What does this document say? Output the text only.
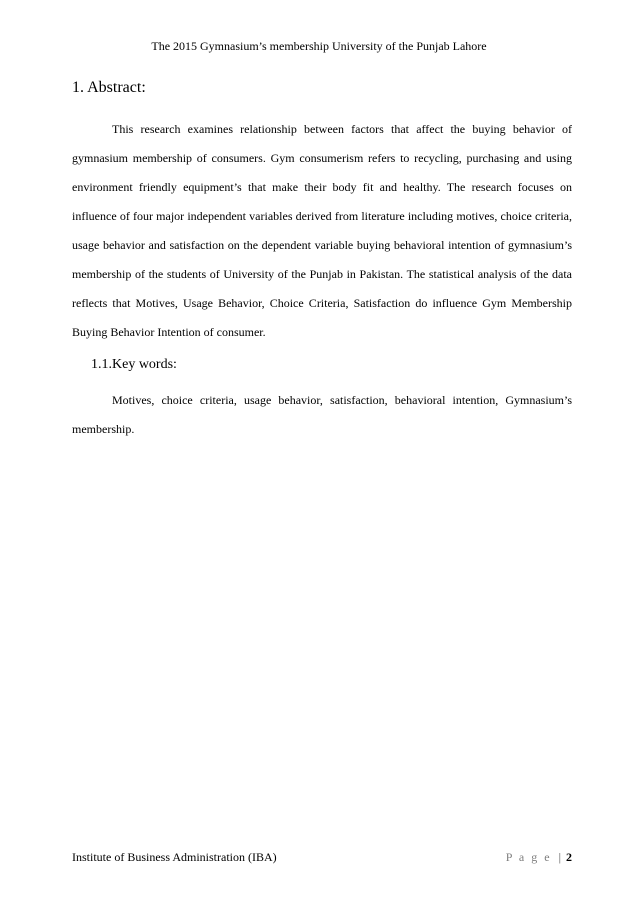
The 2015 Gymnasium’s membership University of the Punjab Lahore
1. Abstract:

This research examines relationship between factors that affect the buying behavior of gymnasium membership of consumers. Gym consumerism refers to recycling, purchasing and using environment friendly equipment’s that make their body fit and healthy. The research focuses on influence of four major independent variables derived from literature including motives, choice criteria, usage behavior and satisfaction on the dependent variable buying behavioral intention of gymnasium’s membership of the students of University of the Punjab in Pakistan. The statistical analysis of the data reflects that Motives, Usage Behavior, Choice Criteria, Satisfaction do influence Gym Membership Buying Behavior Intention of consumer.

1.1.Key words:

Motives, choice criteria, usage behavior, satisfaction, behavioral intention, Gymnasium’s membership.

Institute of Business Administration (IBA)	P a g e | 2
